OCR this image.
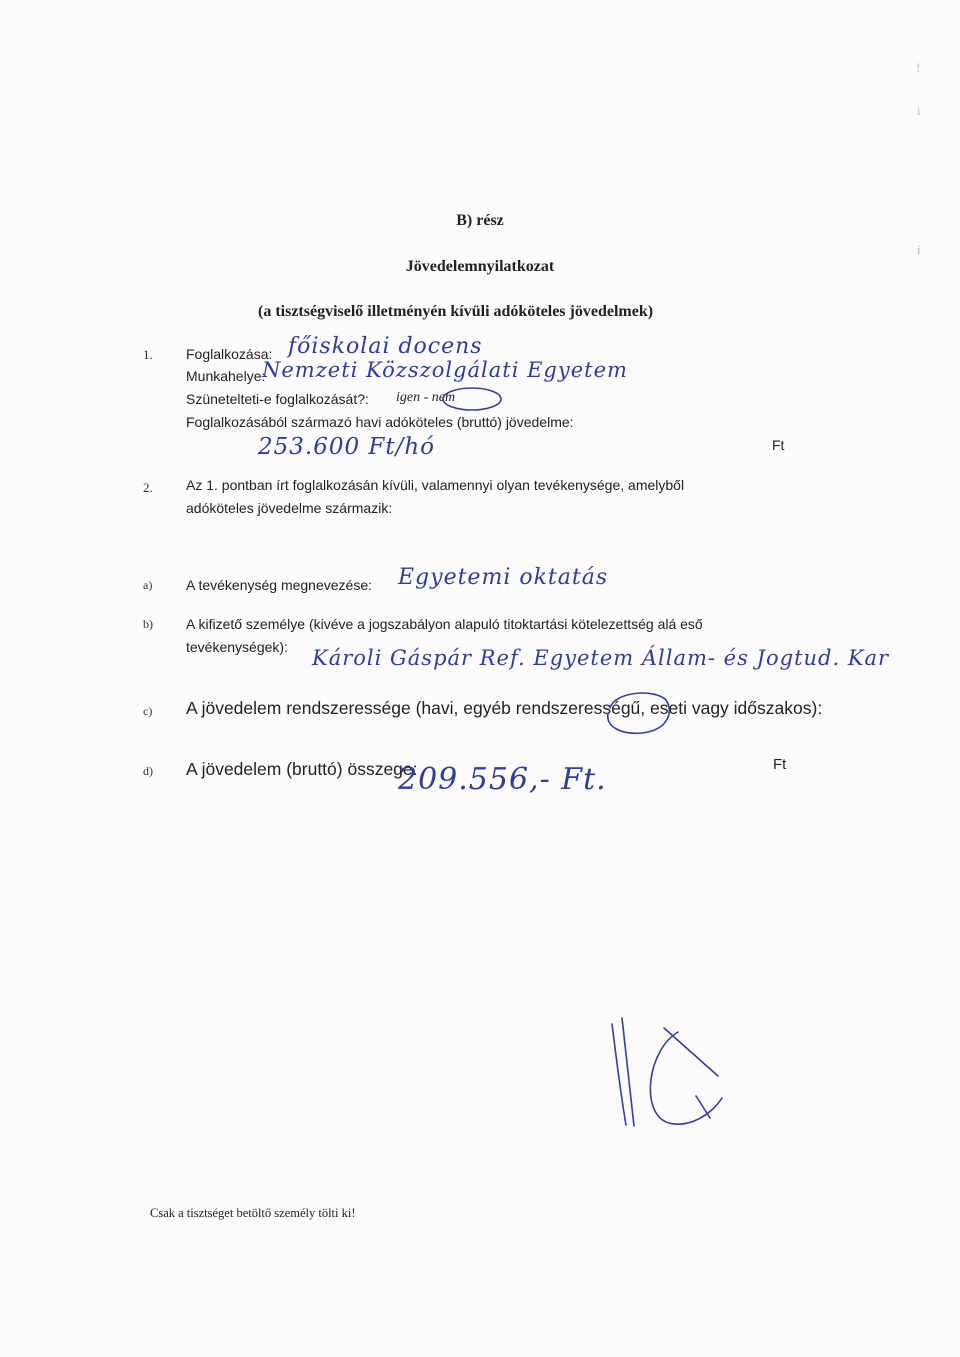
!
i
i
B) rész
Jövedelemnyilatkozat
(a tisztségviselő illetményén kívüli adóköteles jövedelmek)
1. Foglalkozása: főiskolai docens
Munkahelye:
Nemzeti Közszolgálati Egyetem
Szünetelteti-e foglalkozását?: igen - nem
Foglalkozásából származó havi adóköteles (bruttó) jövedelme:
253.600 Ft/hó	Ft
2. Az 1. pontban írt foglalkozásán kívüli, valamennyi olyan tevékenysége, amelyből
adóköteles jövedelme származik:
a) A tevékenység megnevezése: Egyetemi oktatás
b) A kifizető személye (kivéve a jogszabályon alapuló titoktartási kötelezettség alá eső
tevékenységek): Károli Gáspár Ref. Egyetem Állam- és Jogtud. Kar
c) A jövedelem rendszeressége (havi, egyéb rendszerességű, eseti vagy időszakos):
d) A jövedelem (bruttó) összege:
209.556,- Ft.	Ft
Csak a tisztséget betöltő személy tölti ki!
